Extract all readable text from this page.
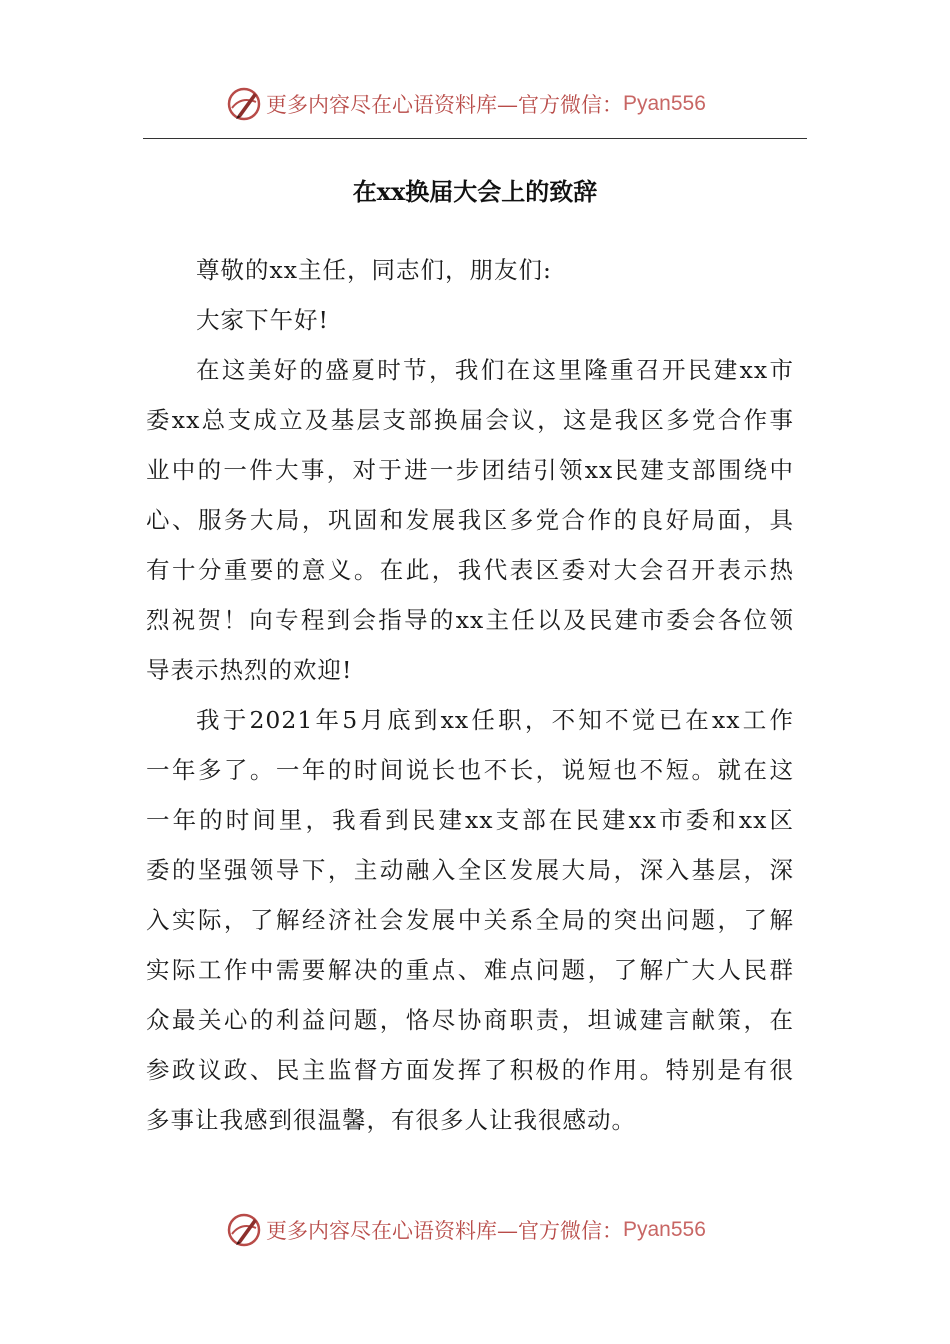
更多内容尽在心语资料库—官方微信： Pyan556
在xx换届大会上的致辞
尊敬的xx主任，同志们，朋友们:
大家下午好!
在这美好的盛夏时节，我们在这里隆重召开民建xx市
委xx总支成立及基层支部换届会议，这是我区多党合作事
业中的一件大事，对于进一步团结引领xx民建支部围绕中
心、服务大局，巩固和发展我区多党合作的良好局面，具
有十分重要的意义。在此，我代表区委对大会召开表示热
烈祝贺！向专程到会指导的xx主任以及民建市委会各位领
导表示热烈的欢迎!
我于2021年5月底到xx任职，不知不觉已在xx工作
一年多了。一年的时间说长也不长，说短也不短。就在这
一年的时间里，我看到民建xx支部在民建xx市委和xx区
委的坚强领导下，主动融入全区发展大局，深入基层，深
入实际，了解经济社会发展中关系全局的突出问题，了解
实际工作中需要解决的重点、难点问题，了解广大人民群
众最关心的利益问题，恪尽协商职责，坦诚建言献策，在
参政议政、民主监督方面发挥了积极的作用。特别是有很
多事让我感到很温馨，有很多人让我很感动。
更多内容尽在心语资料库—官方微信： Pyan556
